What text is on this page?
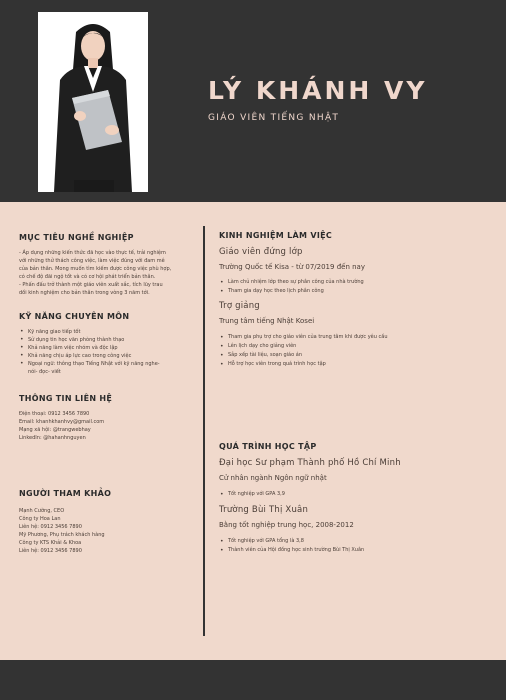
LÝ KHÁNH VY
GIÁO VIÊN TIẾNG NHẬT
MỤC TIÊU NGHỀ NGHIỆP
- Áp dụng những kiến thức đã học vào thực tế, trải nghiệm
với những thử thách công việc, làm việc đúng với đam mê
của bản thân. Mong muốn tìm kiếm được công việc phù hợp,
có chế độ đãi ngộ tốt và có cơ hội phát triển bản thân.
- Phấn đấu trở thành một giáo viên xuất sắc, tích lũy trau
dồi kinh nghiệm cho bản thân trong vòng 3 năm tới.
KỸ NĂNG CHUYÊN MÔN
• Kỹ năng giao tiếp tốt
• Sử dụng tin học văn phòng thành thạo
• Khả năng làm việc nhóm và độc lập
• Khả năng chịu áp lực cao trong công việc
• Ngoại ngữ: thông thạo Tiếng Nhật với kỹ năng nghe-
nói- đọc- viết
THÔNG TIN LIÊN HỆ
Điện thoại: 0912 3456 7890
Email: khanhkhanhvy@gmail.com
Mạng xã hội: @trangwebhay
LinkedIn: @hahanhnguyen
NGƯỜI THAM KHẢO
Mạnh Cường, CEO
Công ty Hoa Lan
Liên hệ: 0912 3456 7890
Mỹ Phương, Phụ trách khách hàng
Công ty KTS Khải & Khoa
Liên hệ: 0912 3456 7890
KINH NGHIỆM LÀM VIỆC
Giáo viên đứng lớp
Trường Quốc tế Kisa - từ 07/2019 đến nay
• Làm chủ nhiệm lớp theo sự phân công của nhà trường
• Tham gia dạy học theo lịch phân công
Trợ giảng
Trung tâm tiếng Nhật Kosei
• Tham gia phụ trợ cho giáo viên của trung tâm khi được yêu cầu
• Lên lịch dạy cho giảng viên
• Sắp xếp tài liệu, soạn giáo án
• Hỗ trợ học viên trong quá trình học tập
QUÁ TRÌNH HỌC TẬP
Đại học Sư phạm Thành phố Hồ Chí Minh
Cử nhân ngành Ngôn ngữ nhật
• Tốt nghiệp với GPA 3,9
Trường Bùi Thị Xuân
Bằng tốt nghiệp trung học, 2008-2012
• Tốt nghiệp với GPA tổng là 3,8
• Thành viên của Hội đồng học sinh trường Bùi Thị Xuân
